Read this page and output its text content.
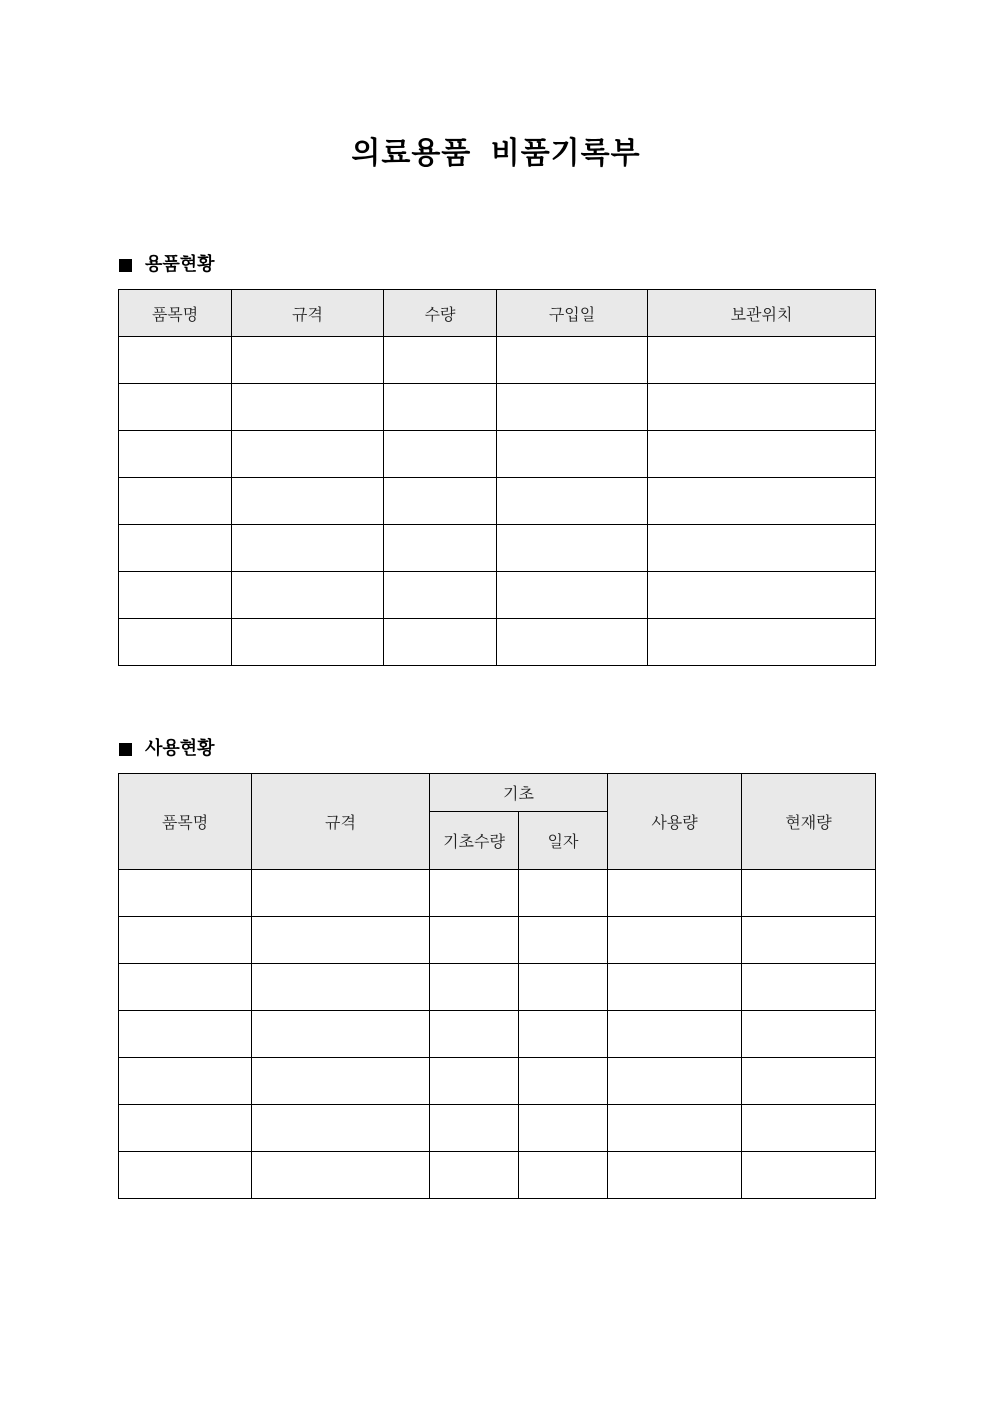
의료용품 비품기록부
용품현황
품목명	규격	수량	구입일	보관위치

사용현황
품목명	규격	기초		사용량	현재량
		기초수량	일자		
